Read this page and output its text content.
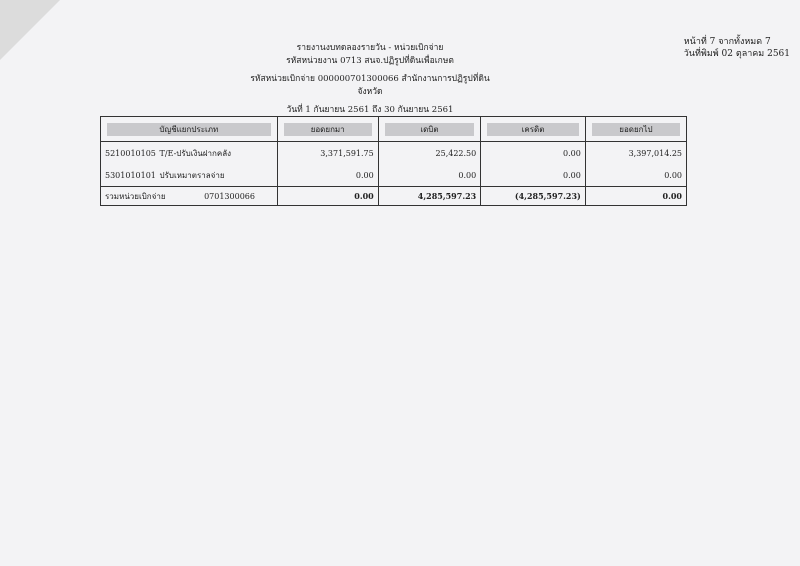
หน้าที่ 7 จากทั้งหมด 7
วันที่พิมพ์ 02 ตุลาคม 2561
รายงานงบทดลองรายวัน - หน่วยเบิกจ่าย
รหัสหน่วยงาน 0713 สนจ.ปฏิรูปที่ดินเพื่อเกษต
รหัสหน่วยเบิกจ่าย 000000701300066 สำนักงานการปฏิรูปที่ดินจังหวัด
วันที่ 1 กันยายน 2561 ถึง 30 กันยายน 2561
บัญชีแยกประเภท	ยอดยกมา	เดบิต	เครดิต	ยอดยกไป

5210010105 T/E-ปรับเงินฝากคลัง	3,371,591.75	25,422.50	0.00	3,397,014.25
5301010101 ปรับเหมาตราลจ่าย	0.00	0.00	0.00	0.00
รวมหน่วยเบิกจ่าย 0701300066	0.00	4,285,597.23	(4,285,597.23)	0.00
